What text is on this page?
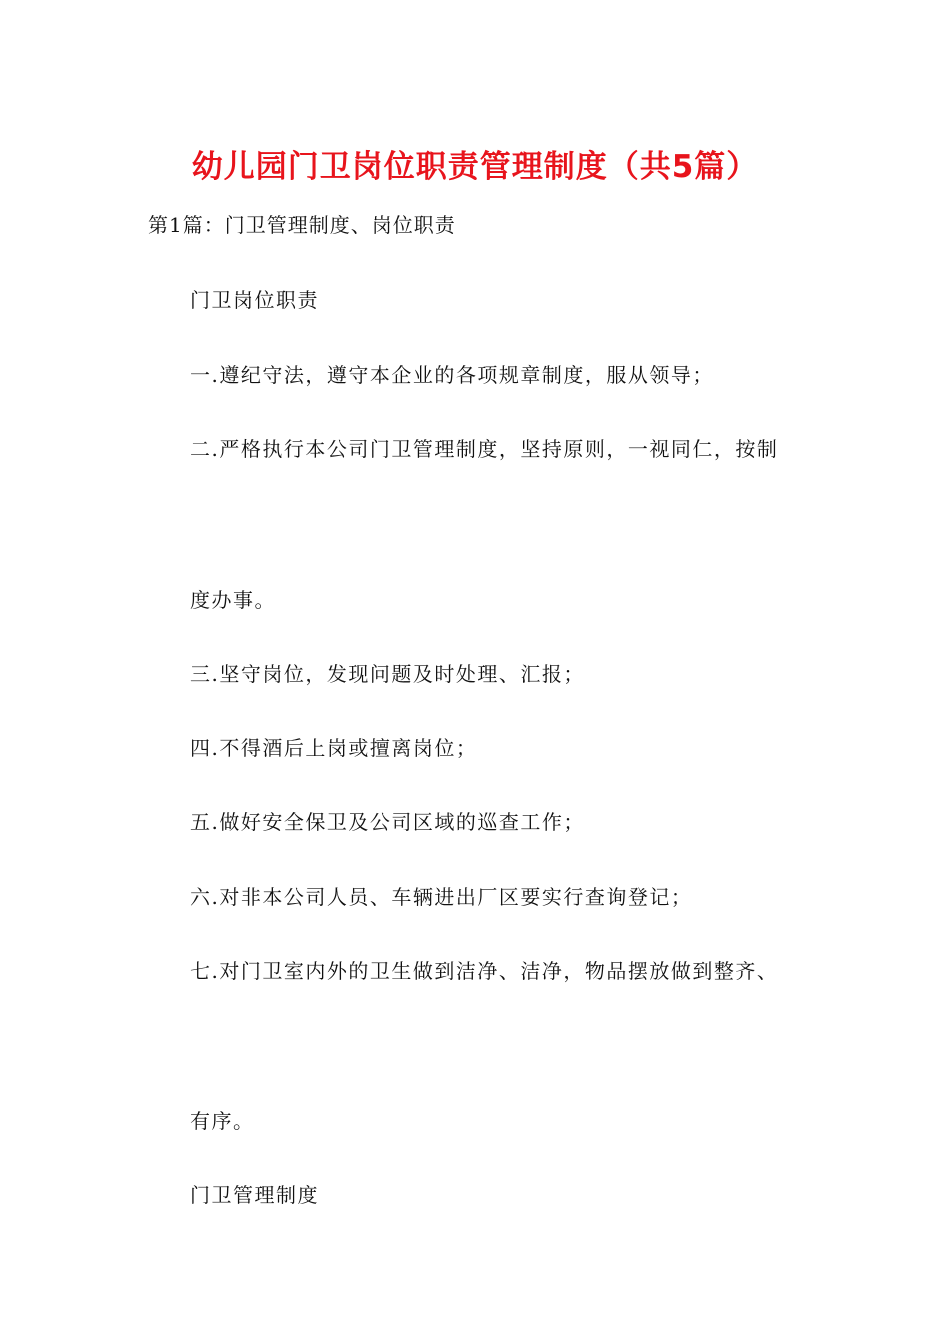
幼儿园门卫岗位职责管理制度（共5篇）
第1篇：门卫管理制度、岗位职责
门卫岗位职责
一.遵纪守法，遵守本企业的各项规章制度，服从领导；
二.严格执行本公司门卫管理制度，坚持原则，一视同仁，按制
度办事。
三.坚守岗位，发现问题及时处理、汇报；
四.不得酒后上岗或擅离岗位；
五.做好安全保卫及公司区域的巡查工作；
六.对非本公司人员、车辆进出厂区要实行查询登记；
七.对门卫室内外的卫生做到洁净、洁净，物品摆放做到整齐、
有序。
门卫管理制度
